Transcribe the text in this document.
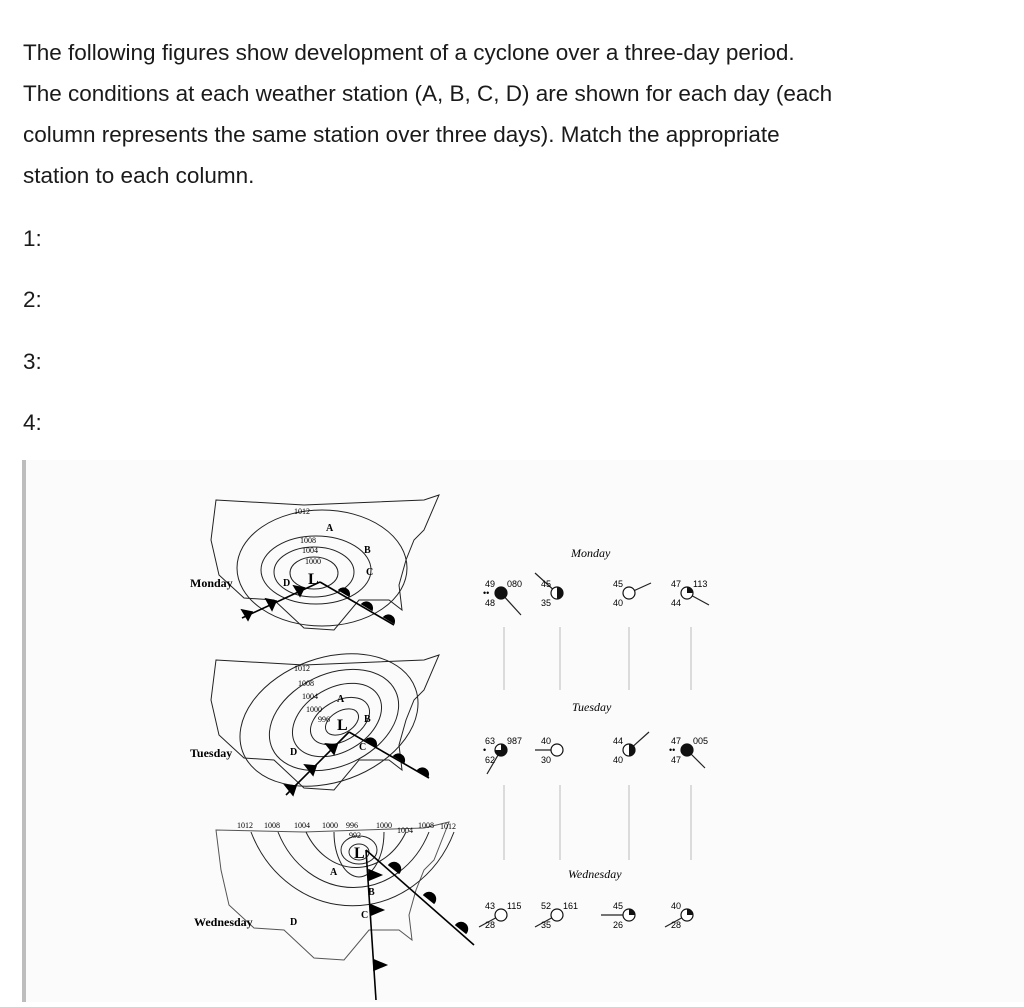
The following figures show development of a cyclone over a three-day period.

The conditions at each weather station (A, B, C, D) are shown for each day (each

column represents the same station over three days). Match the appropriate

station to each column.

1:
2:
3:
4:
Monday
Tuesday
Wednesday
L
L
L
1012
1008
1004
1000
1012
1008
1004
1000
996
1012 1008 1004 1000 996
992
1000
1004
1008 1012
A
B
C
D
A
B
C
D
A
B
C
D
Monday
Tuesday
Wednesday
••
49
48
080 45
35
45
40
47
44
113
•
63
62
987 40
30
44
40
••
47
47
005
43
28
115 52
35
161	45
26
40
28
